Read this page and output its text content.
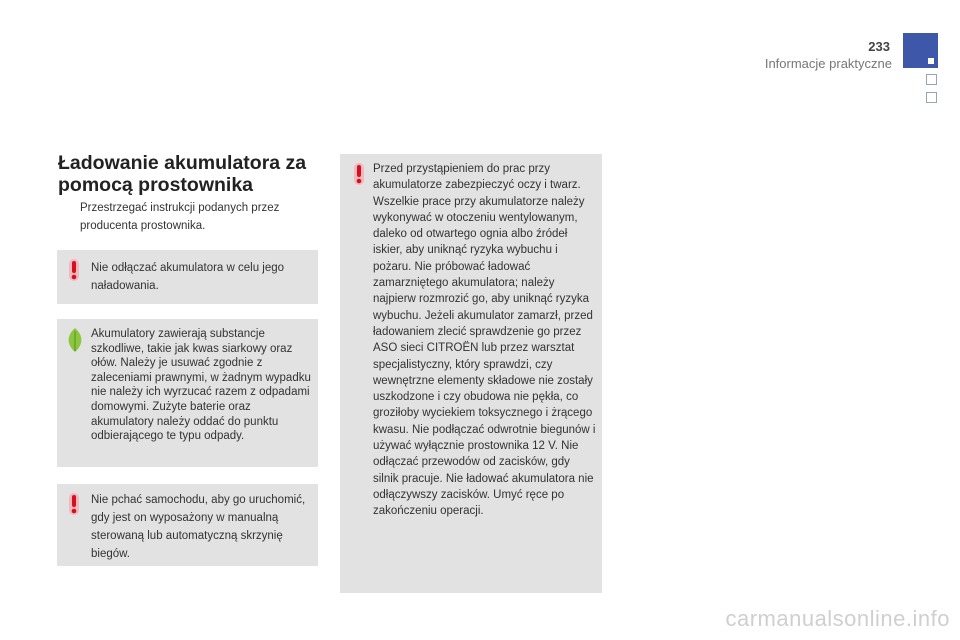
233
Informacje praktyczne
Ładowanie akumulatora za
pomocą prostownika
Przestrzegać instrukcji podanych przez producenta prostownika.
Nie odłączać akumulatora w celu jego naładowania.
Akumulatory zawierają substancje szkodliwe, takie jak kwas siarkowy oraz ołów. Należy je usuwać zgodnie z zaleceniami prawnymi, w żadnym wypadku nie należy ich wyrzucać razem z odpadami domowymi. Zużyte baterie oraz akumulatory należy oddać do punktu odbierającego te typu odpady.
Nie pchać samochodu, aby go uruchomić, gdy jest on wyposażony w manualną sterowaną lub automatyczną skrzynię biegów.
Przed przystąpieniem do prac przy akumulatorze zabezpieczyć oczy i twarz. Wszelkie prace przy akumulatorze należy wykonywać w otoczeniu wentylowanym, daleko od otwartego ognia albo źródeł iskier, aby uniknąć ryzyka wybuchu i pożaru. Nie próbować ładować zamarzniętego akumulatora; należy najpierw rozmrozić go, aby uniknąć ryzyka wybuchu. Jeżeli akumulator zamarzł, przed ładowaniem zlecić sprawdzenie go przez ASO sieci CITROËN lub przez warsztat specjalistyczny, który sprawdzi, czy wewnętrzne elementy składowe nie zostały uszkodzone i czy obudowa nie pękła, co groziłoby wyciekiem toksycznego i żrącego kwasu. Nie podłączać odwrotnie biegunów i używać wyłącznie prostownika 12 V. Nie odłączać przewodów od zacisków, gdy silnik pracuje. Nie ładować akumulatora nie odłączywszy zacisków. Umyć ręce po zakończeniu operacji.
carmanualsonline.info
